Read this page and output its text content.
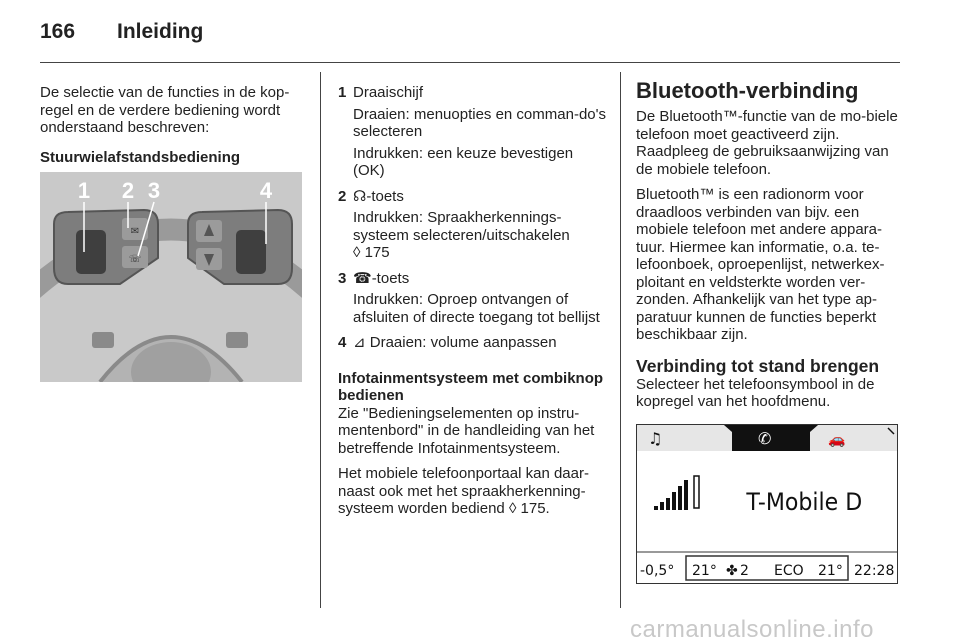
166 Inleiding

De selectie van de functies in de kop-regel en de verdere bediening wordt onderstaand beschreven:

Stuurwielafstandsbediening

✉
☏
1 2 3	4
1 Draaischijf

Draaien: menuopties en comman-do's selecteren

Indrukken: een keuze bevestigen (OK)

2 ☊-toets

Indrukken: Spraakherkennings-systeem selecteren/uitschakelen

◊ 175

3 ☎-toets

Indrukken: Oproep ontvangen of afsluiten of directe toegang tot bellijst

4 ⊿ Draaien: volume aanpassen

Infotainmentsysteem met combiknop bedienen

Zie "Bedieningselementen op instru-mentenbord" in de handleiding van het betreffende Infotainmentsysteem.

Het mobiele telefoonportaal kan daar-naast ook met het spraakherkenning-systeem worden bediend ◊ 175.

Bluetooth-verbinding

De Bluetooth™-functie van de mo-biele telefoon moet geactiveerd zijn. Raadpleeg de gebruiksaanwijzing van de mobiele telefoon.

Bluetooth™ is een radionorm voor draadloos verbinden van bijv. een mobiele telefoon met andere appara-tuur. Hiermee kan informatie, o.a. te-lefoonboek, oproepenlijst, netwerkex-ploitant en veldsterkte worden ver-zonden. Afhankelijk van het type ap-paratuur kunnen de functies beperkt beschikbaar zijn.

Verbinding tot stand brengen

Selecteer het telefoonsymbool in de kopregel van het hoofdmenu.

♫	✆	🚗
T-Mobile D
-0,5° 21° ✤ 2 ECO 21° 22:28
carmanualsonline.info
